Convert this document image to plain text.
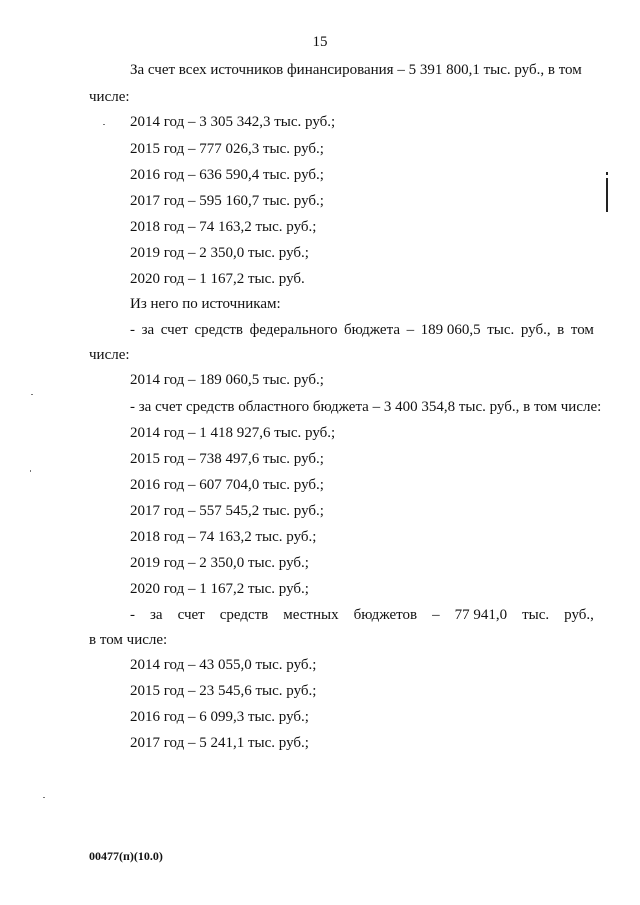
15
За счет всех источников финансирования – 5 391 800,1 тыс. руб., в том
числе:
2014 год – 3 305 342,3 тыс. руб.;
2015 год – 777 026,3 тыс. руб.;
2016 год – 636 590,4 тыс. руб.;
2017 год – 595 160,7 тыс. руб.;
2018 год – 74 163,2 тыс. руб.;
2019 год – 2 350,0 тыс. руб.;
2020 год – 1 167,2 тыс. руб.
Из него по источникам:
- за счет средств федерального бюджета – 189 060,5 тыс. руб., в том
числе:
2014 год – 189 060,5 тыс. руб.;
- за счет средств областного бюджета – 3 400 354,8 тыс. руб., в том числе:
2014 год – 1 418 927,6 тыс. руб.;
2015 год – 738 497,6 тыс. руб.;
2016 год – 607 704,0 тыс. руб.;
2017 год – 557 545,2 тыс. руб.;
2018 год – 74 163,2 тыс. руб.;
2019 год – 2 350,0 тыс. руб.;
2020 год – 1 167,2 тыс. руб.;
- за счет средств местных бюджетов – 77 941,0 тыс. руб.,
в том числе:
2014 год – 43 055,0 тыс. руб.;
2015 год – 23 545,6 тыс. руб.;
2016 год – 6 099,3 тыс. руб.;
2017 год – 5 241,1 тыс. руб.;
00477(п)(10.0)
